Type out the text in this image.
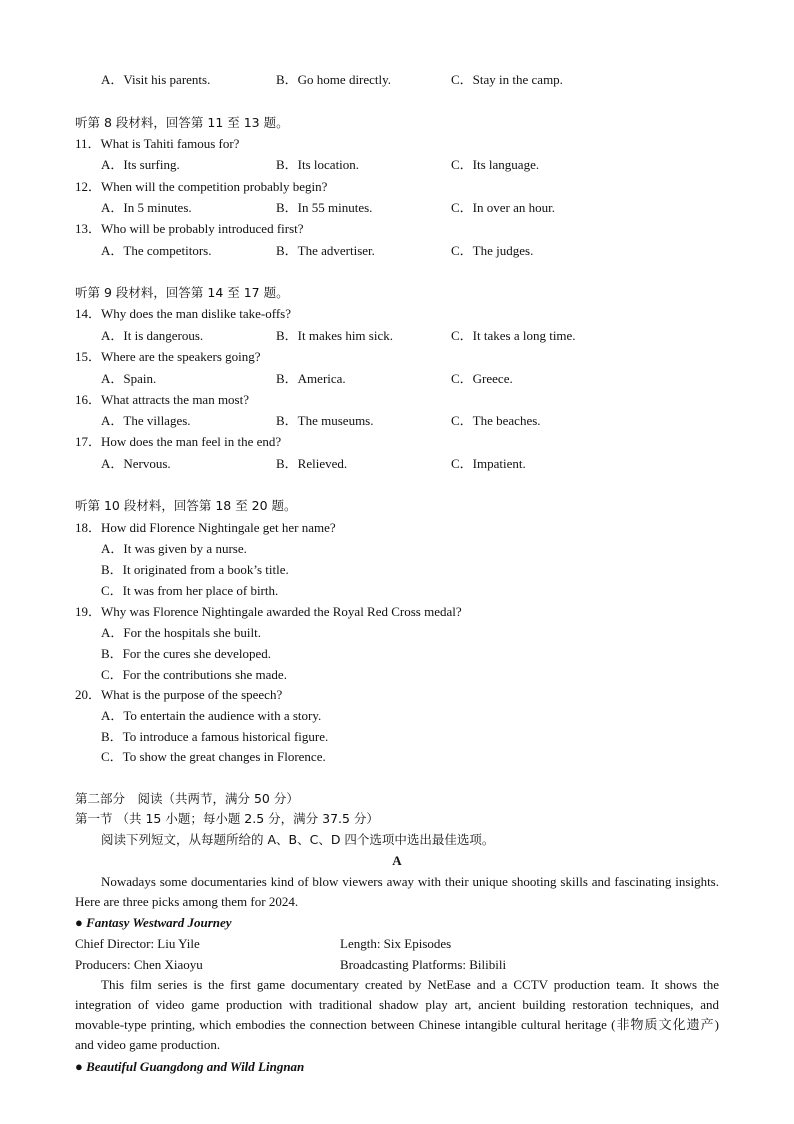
A．Visit his parents.	B．Go home directly.	C．Stay in the camp.
听第 8 段材料，回答第 11 至 13 题。
11．What is Tahiti famous for?
A．Its surfing.	B．Its location.	C．Its language.
12．When will the competition probably begin?
A．In 5 minutes.	B．In 55 minutes.	C．In over an hour.
13．Who will be probably introduced first?
A．The competitors.	B．The advertiser.	C．The judges.
听第 9 段材料，回答第 14 至 17 题。
14．Why does the man dislike take-offs?
A．It is dangerous.	B．It makes him sick.	C．It takes a long time.
15．Where are the speakers going?
A．Spain.	B．America.	C．Greece.
16．What attracts the man most?
A．The villages.	B．The museums.	C．The beaches.
17．How does the man feel in the end?
A．Nervous.	B．Relieved.	C．Impatient.
听第 10 段材料，回答第 18 至 20 题。
18．How did Florence Nightingale get her name?
A．It was given by a nurse.
B．It originated from a book’s title.
C．It was from her place of birth.
19．Why was Florence Nightingale awarded the Royal Red Cross medal?
A．For the hospitals she built.
B．For the cures she developed.
C．For the contributions she made.
20．What is the purpose of the speech?
A．To entertain the audience with a story.
B．To introduce a famous historical figure.
C．To show the great changes in Florence.
第二部分　阅读（共两节，满分 50 分）
第一节 （共 15 小题；每小题 2.5 分，满分 37.5 分）
阅读下列短文，从每题所给的 A、B、C、D 四个选项中选出最佳选项。
A
Nowadays some documentaries kind of blow viewers away with their unique shooting skills and fascinating insights. Here are three picks among them for 2024.
● Fantasy Westward Journey
Chief Director: Liu Yile	Length: Six Episodes
Producers: Chen Xiaoyu	Broadcasting Platforms: Bilibili
This film series is the first game documentary created by NetEase and a CCTV production team. It shows the integration of video game production with traditional shadow play art, ancient building restoration techniques, and movable-type printing, which embodies the connection between Chinese intangible cultural heritage (非物质文化遗产) and video game production.
● Beautiful Guangdong and Wild Lingnan
